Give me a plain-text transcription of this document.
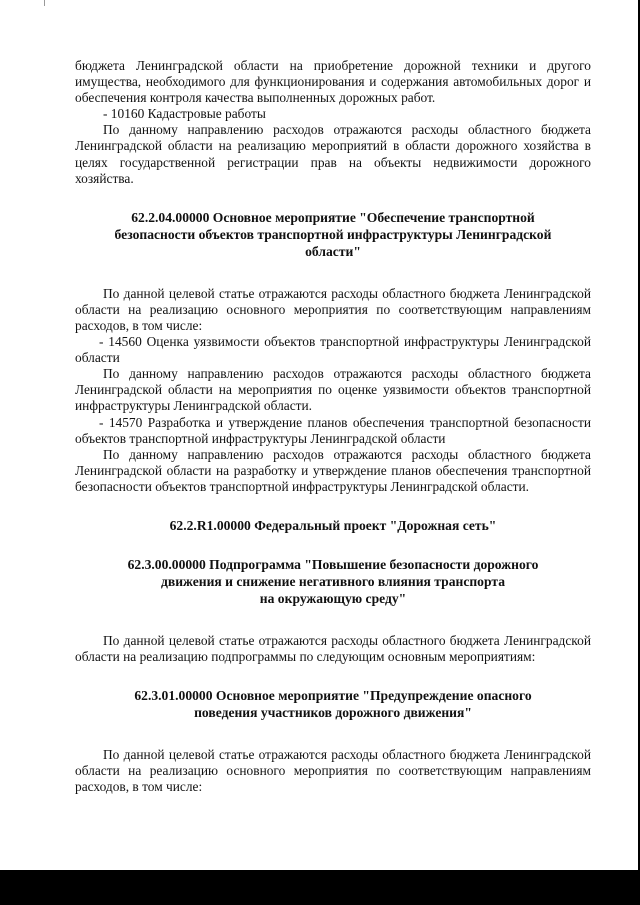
бюджета Ленинградской области на приобретение дорожной техники и другого имущества, необходимого для функционирования и содержания автомобильных дорог и обеспечения контроля качества выполненных дорожных работ.

- 10160 Кадастровые работы

По данному направлению расходов отражаются расходы областного бюджета Ленинградской области на реализацию мероприятий в области дорожного хозяйства в целях государственной регистрации прав на объекты недвижимости дорожного хозяйства.

62.2.04.00000 Основное мероприятие "Обеспечение транспортной
безопасности объектов транспортной инфраструктуры Ленинградской
области"

По данной целевой статье отражаются расходы областного бюджета Ленинградской области на реализацию основного мероприятия по соответствующим направлениям расходов, в том числе:

- 14560 Оценка уязвимости объектов транспортной инфраструктуры Ленинградской области

По данному направлению расходов отражаются расходы областного бюджета Ленинградской области на мероприятия по оценке уязвимости объектов транспортной инфраструктуры Ленинградской области.

- 14570 Разработка и утверждение планов обеспечения транспортной безопасности объектов транспортной инфраструктуры Ленинградской области

По данному направлению расходов отражаются расходы областного бюджета Ленинградской области на разработку и утверждение планов обеспечения транспортной безопасности объектов транспортной инфраструктуры Ленинградской области.

62.2.R1.00000 Федеральный проект "Дорожная сеть"

62.3.00.00000 Подпрограмма "Повышение безопасности дорожного
движения и снижение негативного влияния транспорта
на окружающую среду"

По данной целевой статье отражаются расходы областного бюджета Ленинградской области на реализацию подпрограммы по следующим основным мероприятиям:

62.3.01.00000 Основное мероприятие "Предупреждение опасного
поведения участников дорожного движения"

По данной целевой статье отражаются расходы областного бюджета Ленинградской области на реализацию основного мероприятия по соответствующим направлениям расходов, в том числе:
